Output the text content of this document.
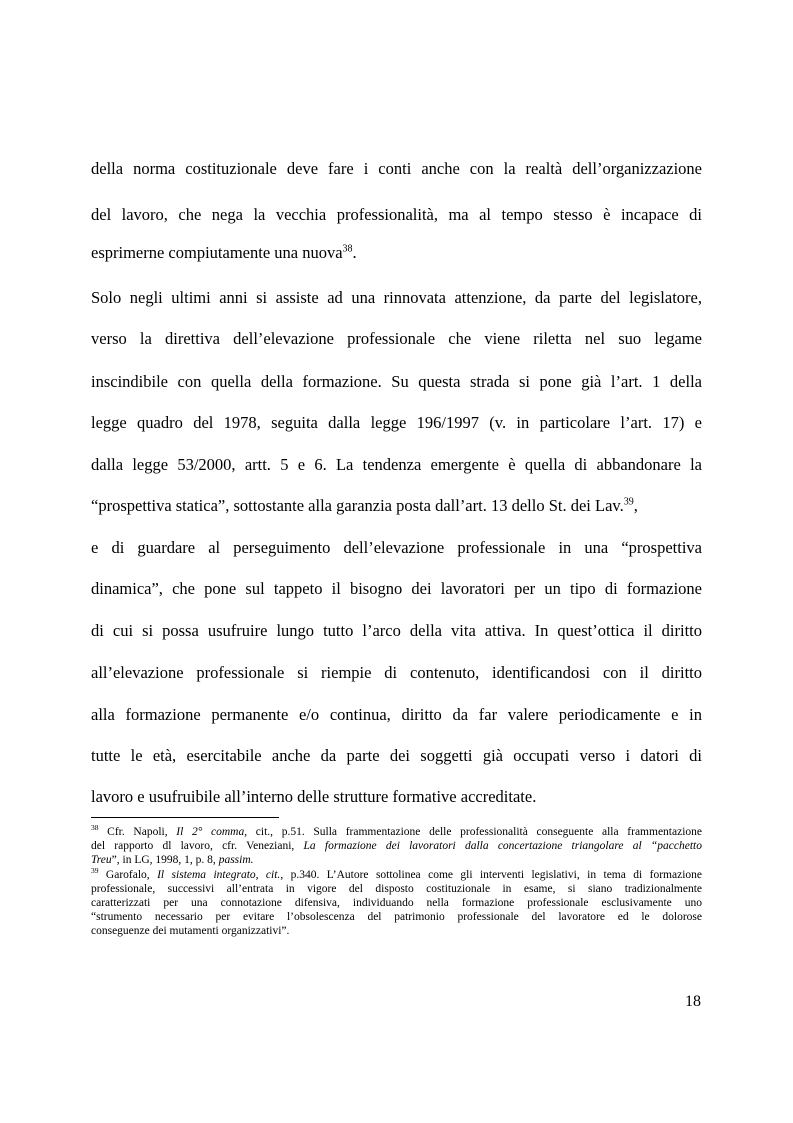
della norma costituzionale deve fare i conti anche con la realtà dell’organizzazione
del lavoro, che nega la vecchia professionalità, ma al tempo stesso è incapace di
esprimerne compiutamente una nuova$^{38}$.
Solo negli ultimi anni si assiste ad una rinnovata attenzione, da parte del legislatore,
verso la direttiva dell’elevazione professionale che viene riletta nel suo legame
inscindibile con quella della formazione. Su questa strada si pone già l’art. 1 della
legge quadro del 1978, seguita dalla legge 196/1997 (v. in particolare l’art. 17) e
dalla legge 53/2000, artt. 5 e 6. La tendenza emergente è quella di abbandonare la
“prospettiva statica”, sottostante alla garanzia posta dall’art. 13 dello St. dei Lav.$^{39}$,
e di guardare al perseguimento dell’elevazione professionale in una “prospettiva
dinamica”, che pone sul tappeto il bisogno dei lavoratori per un tipo di formazione
di cui si possa usufruire lungo tutto l’arco della vita attiva. In quest’ottica il diritto
all’elevazione professionale si riempie di contenuto, identificandosi con il diritto
alla formazione permanente e/o continua, diritto da far valere periodicamente e in
tutte le età, esercitabile anche da parte dei soggetti già occupati verso i datori di
lavoro e usufruibile all’interno delle strutture formative accreditate.
$^{38}$ Cfr. Napoli, Il 2° comma, cit., p.51. Sulla frammentazione delle professionalità conseguente alla frammentazione
del rapporto dl lavoro, cfr. Veneziani, La formazione dei lavoratori dalla concertazione triangolare al “pacchetto
Treu”, in LG, 1998, 1, p. 8, passim.
$^{39}$ Garofalo, Il sistema integrato, cit., p.340. L’Autore sottolinea come gli interventi legislativi, in tema di formazione
professionale, successivi all’entrata in vigore del disposto costituzionale in esame, si siano tradizionalmente
caratterizzati per una connotazione difensiva, individuando nella formazione professionale esclusivamente uno
“strumento necessario per evitare l’obsolescenza del patrimonio professionale del lavoratore ed le dolorose
conseguenze dei mutamenti organizzativi”.
18
